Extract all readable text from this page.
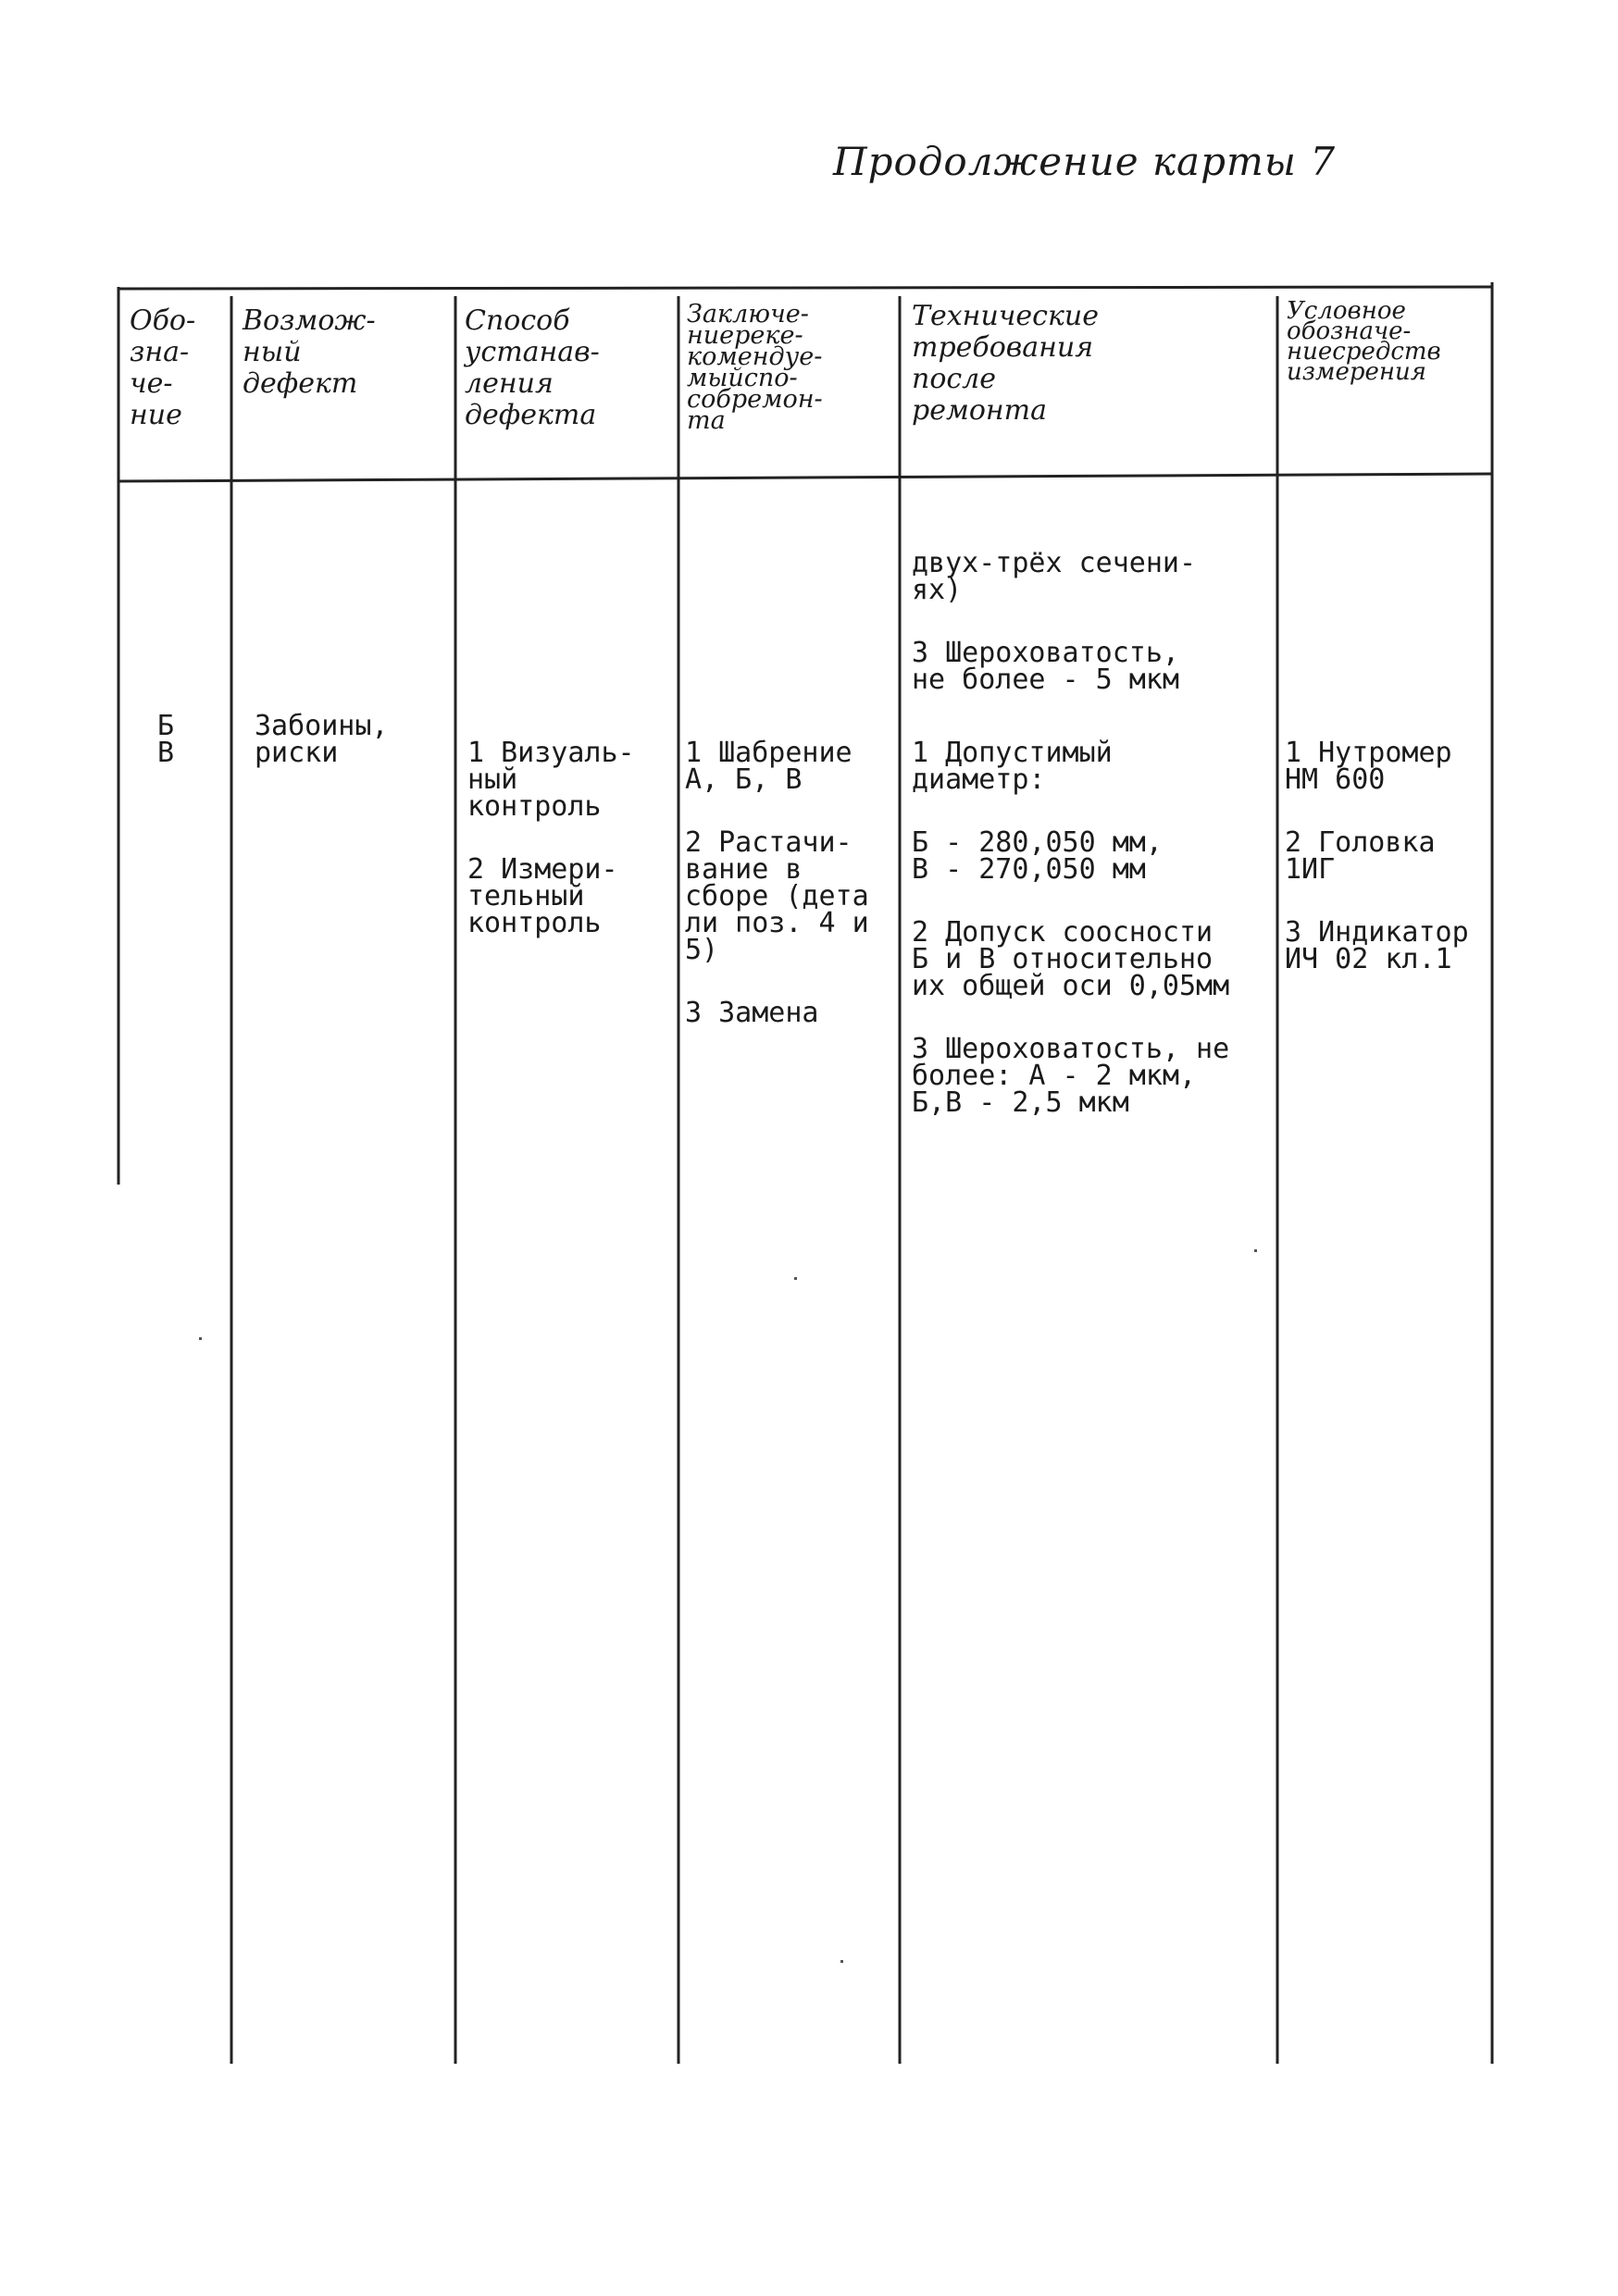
Продолжение карты 7
Обо-
зна-
че-
ние
Возмож-
ный
дефект
Способ
устанав-
ления
дефекта
Заключе-
ниереке-
комендуе-
мыйспо-
собремон-
та
Технические
требования
после
ремонта
Условное
обозначе-
ниесредств
измерения

двух-трёх сечени-
ях)

3 Шероховатость,
не более - 5 мкм

Б
В
Забоины,
риски	1 Визуаль-
ный
контроль

2 Измери-
тельный
контроль

1 Шабрение
А, Б, В

2 Растачи-
вание в
сборе (дета
ли поз. 4 и
5)

3 Замена

1 Допустимый
диаметр:

Б - 280,050 мм,
В - 270,050 мм

2 Допуск соосности
Б и В относительно
их общей оси 0,05мм

3 Шероховатость, не
более: А - 2 мкм,
Б,В - 2,5 мкм

1 Нутромер
НМ 600

2 Головка
1ИГ

3 Индикатор
ИЧ 02 кл.1
